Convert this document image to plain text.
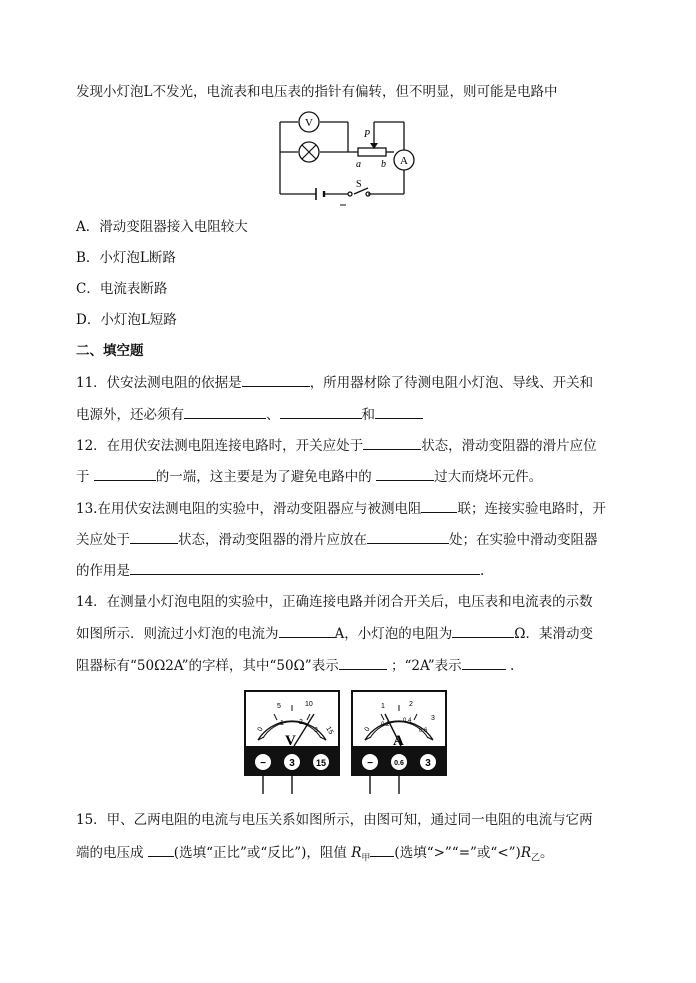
发现小灯泡L不发光，电流表和电压表的指针有偏转，但不明显，则可能是电路中
V
A
P
a b
S
A．滑动变阻器接入电阻较大
B．小灯泡L断路
C．电流表断路
D．小灯泡L短路
二、填空题
11．伏安法测电阻的依据是	，所用器材除了待测电阻小灯泡、导线、开关和
电源外，还必须有	、	和
12．在用伏安法测电阻连接电路时，开关应处于	状态，滑动变阻器的滑片应位
于	的一端，这主要是为了避免电路中的	过大而烧坏元件。
13.在用伏安法测电阻的实验中，滑动变阻器应与被测电阻	联；连接实验电路时，开
关应处于	状态，滑动变阻器的滑片应放在	处；在实验中滑动变阻器
的作用是	.
14．在测量小灯泡电阻的实验中，正确连接电路并闭合开关后，电压表和电流表的示数
如图所示．则流过小灯泡的电流为	A，小灯泡的电阻为	Ω．某滑动变
阻器标有“50Ω2A”的字样，其中“50Ω”表示	；“2A”表示	.
5	10
15
0
1 2
3
V
− 3 15
1	2
3
0
0.2
0.4
0.6
A
−	0.6 3
15．甲、乙两电阻的电流与电压关系如图所示，由图可知，通过同一电阻的电流与它两
端的电压成 (选填“正比”或“反比”)，阻值 $R_甲$ (选填“>”“=”或“$<”)R_乙$。
